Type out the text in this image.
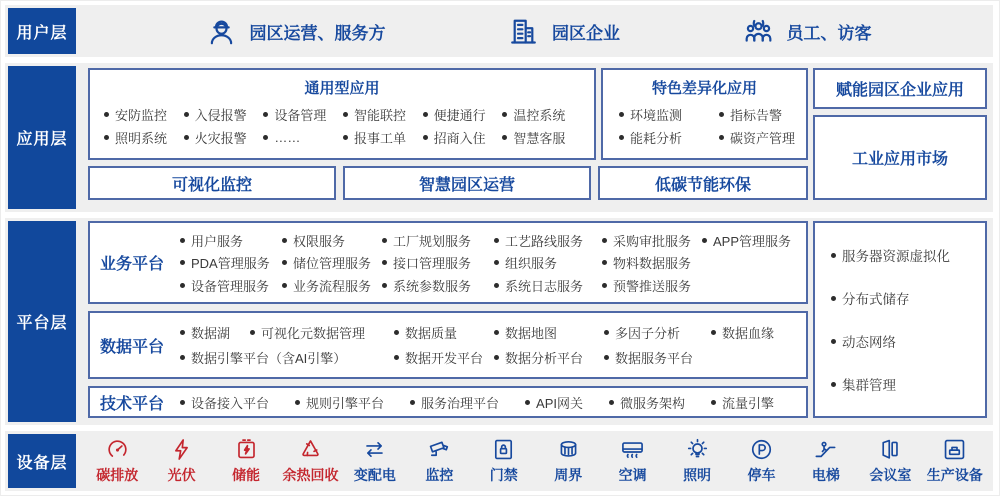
用户层	园区运营、服务方	园区企业	员工、访客
应用层
通用型应用
安防监控	入侵报警	设备管理	智能联控	便捷通行	温控系统
照明系统	火灾报警	……	报事工单	招商入住	智慧客服
特色差异化应用
环境监测	指标告警
能耗分析	碳资产管理
可视化监控	智慧园区运营	低碳节能环保
赋能园区企业应用
工业应用市场
平台层
业务平台
用户服务	权限服务	工厂规划服务	工艺路线服务	采购审批服务	APP管理服务
PDA管理服务	储位管理服务	接口管理服务	组织服务	物料数据服务
设备管理服务	业务流程服务	系统参数服务	系统日志服务	预警推送服务
数据平台
数据湖	可视化元数据管理	数据质量	数据地图	多因子分析	数据血缘
数据引擎平台（含AI引擎）	数据开发平台	数据分析平台	数据服务平台
技术平台	设备接入平台	规则引擎平台	服务治理平台	API网关	微服务架构	流量引擎
服务器资源虚拟化
分布式储存
动态网络
集群管理
设备层
碳排放 光伏	储能 余热回收 变配电 监控	门禁	周界	空调	照明	停车	电梯 会议室 生产设备
